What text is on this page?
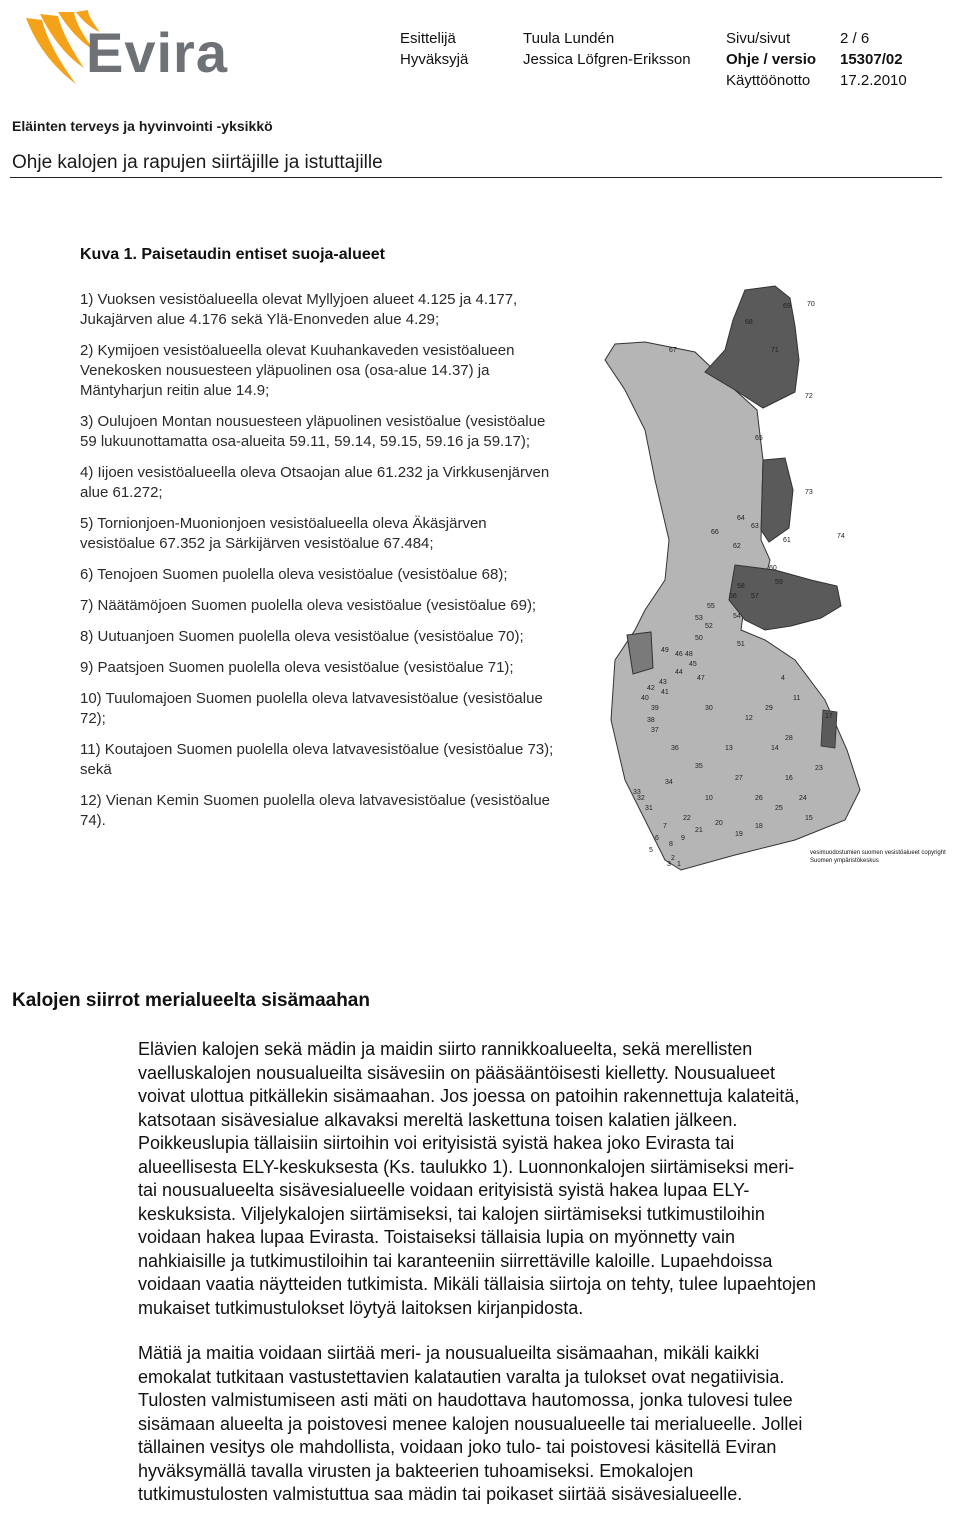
Evira	Esittelijä	Tuula Lundén
Hyväksyjä	Jessica Löfgren-Eriksson
Sivu/sivut	2 / 6
Ohje / versio 15307/02
Käyttöönotto 17.2.2010
Eläinten terveys ja hyvinvointi -yksikkö
Ohje kalojen ja rapujen siirtäjille ja istuttajille
Kuva 1. Paisetaudin entiset suoja-alueet

1) Vuoksen vesistöalueella olevat Myllyjoen alueet 4.125 ja 4.177, Jukajärven alue 4.176 sekä Ylä-Enonveden alue 4.29;

2) Kymijoen vesistöalueella olevat Kuuhankaveden vesistöalueen Venekosken nousuesteen yläpuolinen osa (osa-alue 14.37) ja Mäntyharjun reitin alue 14.9;

3) Oulujoen Montan nousuesteen yläpuolinen vesistöalue (vesistöalue 59 lukuunottamatta osa-alueita 59.11, 59.14, 59.15, 59.16 ja 59.17);

4) Iijoen vesistöalueella oleva Otsaojan alue 61.232 ja Virkkusenjärven alue 61.272;

5) Tornionjoen-Muonionjoen vesistöalueella oleva Äkäsjärven vesistöalue 67.352 ja Särkijärven vesistöalue 67.484;

6) Tenojoen Suomen puolella oleva vesistöalue (vesistöalue 68);

7) Näätämöjoen Suomen puolella oleva vesistöalue (vesistöalue 69);

8) Uutuanjoen Suomen puolella oleva vesistöalue (vesistöalue 70);

9) Paatsjoen Suomen puolella oleva vesistöalue (vesistöalue 71);

10) Tuulomajoen Suomen puolella oleva latvavesistöalue (vesistöalue 72);

11) Koutajoen Suomen puolella oleva latvavesistöalue (vesistöalue 73); sekä

12) Vienan Kemin Suomen puolella oleva latvavesistöalue (vesistöalue 74).

68
69 70
67	71
72
65
73
64
63
66
62
61
74
60
59
58
57
56
55
54
53
52
51
50
49
48
47
46
45
44
43
42
41
40
39
38
37
36
35
34
33
32
31
30	29
28
27
26
25
24
23
22
21
20
19
18
17
16
15
14
13
12
11
10
9
8
7
6
5
4
3
2
1
vesimuodostumien suomen vesistöalueet copyright
Suomen ympäristökeskus
Kalojen siirrot merialueelta sisämaahan

Elävien kalojen sekä mädin ja maidin siirto rannikkoalueelta, sekä merellisten
vaelluskalojen nousualueilta sisävesiin on pääsääntöisesti kielletty. Nousualueet
voivat ulottua pitkällekin sisämaahan. Jos joessa on patoihin rakennettuja kalateitä,
katsotaan sisävesialue alkavaksi mereltä laskettuna toisen kalatien jälkeen.
Poikkeuslupia tällaisiin siirtoihin voi erityisistä syistä hakea joko Evirasta tai
alueellisesta ELY-keskuksesta (Ks. taulukko 1). Luonnonkalojen siirtämiseksi meri-
tai nousualueelta sisävesialueelle voidaan erityisistä syistä hakea lupaa ELY-
keskuksista. Viljelykalojen siirtämiseksi, tai kalojen siirtämiseksi tutkimustiloihin
voidaan hakea lupaa Evirasta. Toistaiseksi tällaisia lupia on myönnetty vain
nahkiaisille ja tutkimustiloihin tai karanteeniin siirrettäville kaloille. Lupaehdoissa
voidaan vaatia näytteiden tutkimista. Mikäli tällaisia siirtoja on tehty, tulee lupaehtojen
mukaiset tutkimustulokset löytyä laitoksen kirjanpidosta.

Mätiä ja maitia voidaan siirtää meri- ja nousualueilta sisämaahan, mikäli kaikki
emokalat tutkitaan vastustettavien kalatautien varalta ja tulokset ovat negatiivisia.
Tulosten valmistumiseen asti mäti on haudottava hautomossa, jonka tulovesi tulee
sisämaan alueelta ja poistovesi menee kalojen nousualueelle tai merialueelle. Jollei
tällainen vesitys ole mahdollista, voidaan joko tulo- tai poistovesi käsitellä Eviran
hyväksymällä tavalla virusten ja bakteerien tuhoamiseksi. Emokalojen
tutkimustulosten valmistuttua saa mädin tai poikaset siirtää sisävesialueelle.
